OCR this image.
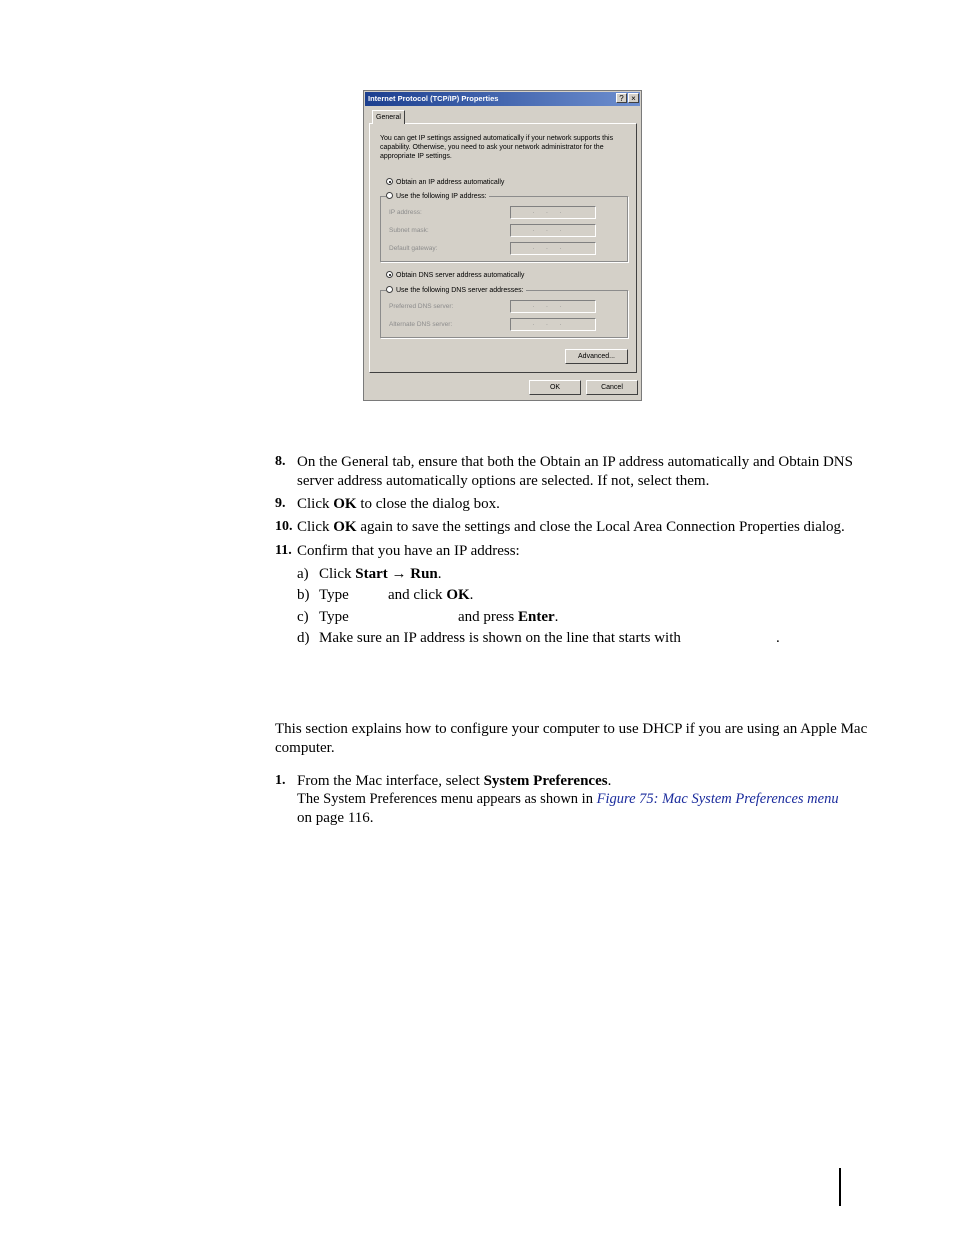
Internet Protocol (TCP/IP) Properties	? ×
General
You can get IP settings assigned automatically if your network supports this capability. Otherwise, you need to ask your network administrator for the appropriate IP settings.
Obtain an IP address automatically
Use the following IP address:
IP address:	...
Subnet mask:	...
Default gateway:	...
Obtain DNS server address automatically
Use the following DNS server addresses:
Preferred DNS server:	...
Alternate DNS server:	...
Advanced...
OK	Cancel
8. On the General tab, ensure that both the Obtain an IP address automatically and Obtain DNS server address automatically options are selected. If not, select them.
9. Click OK to close the dialog box.
10. Click OK again to save the settings and close the Local Area Connection Properties dialog.
11. Confirm that you have an IP address:
a) Click Start → Run.
b) Type	and click OK.
c) Type	and press Enter.
d) Make sure an IP address is shown on the line that starts with	.
This section explains how to configure your computer to use DHCP if you are using an Apple Mac computer.
1. From the Mac interface, select System Preferences.
The System Preferences menu appears as shown in Figure 75: Mac System Preferences menu
on page 116.
